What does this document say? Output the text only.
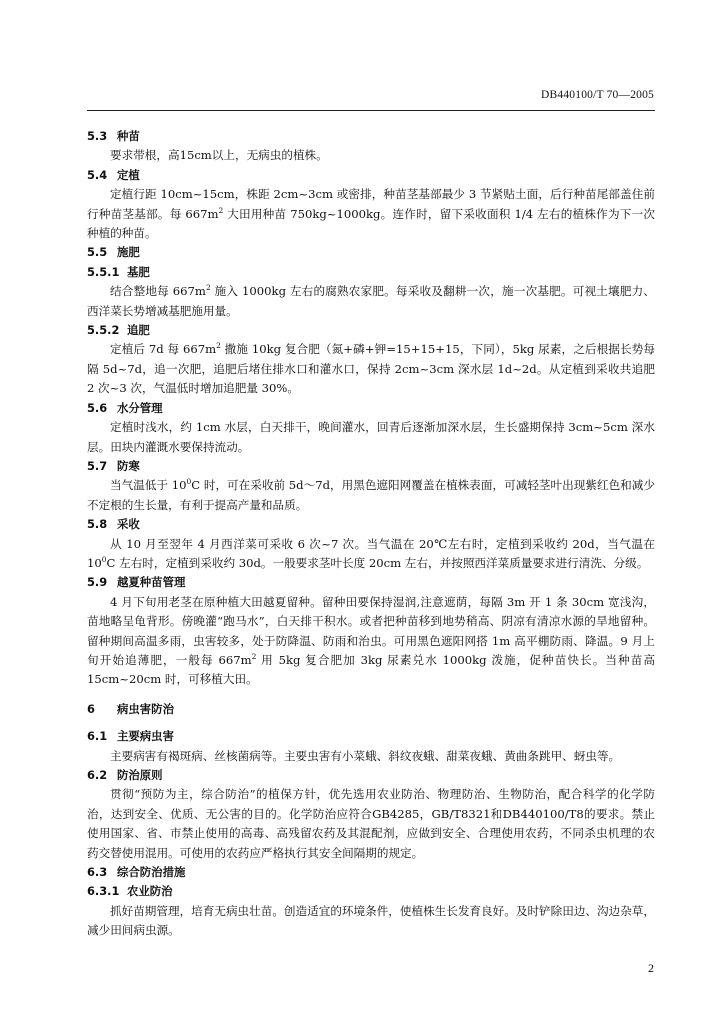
DB440100/T 70—2005
5.3 种苗

要求带根，高15cm以上，无病虫的植株。

5.4 定植

定植行距 10cm~15cm，株距 2cm~3cm 或密排，种苗茎基部最少 3 节紧贴土面，后行种苗尾部盖住前行种苗茎基部。每 $667m^2$ 大田用种苗 750kg~1000kg。连作时，留下采收面积 1/4 左右的植株作为下一次种植的种苗。

5.5 施肥
5.5.1 基肥

结合整地每 $667m^2$ 施入 1000kg 左右的腐熟农家肥。每采收及翻耕一次，施一次基肥。可视土壤肥力、西洋菜长势增减基肥施用量。

5.5.2 追肥

定植后 7d 每 $667m^2$ 撒施 10kg 复合肥（氮+磷+钾=15+15+15，下同），5kg 尿素，之后根据长势每隔 5d~7d，追一次肥，追肥后堵住排水口和灌水口，保持 2cm~3cm 深水层 1d~2d。从定植到采收共追肥 2 次~3 次，气温低时增加追肥量 30%。

5.6 水分管理

定植时浅水，约 1cm 水层，白天排干，晚间灌水，回青后逐渐加深水层，生长盛期保持 3cm~5cm 深水层。田块内灌溉水要保持流动。

5.7 防寒

当气温低于 $10^0C$ 时，可在采收前 5d～7d，用黑色遮阳网覆盖在植株表面，可减轻茎叶出现紫红色和减少不定根的生长量，有利于提高产量和品质。

5.8 采收

从 10 月至翌年 4 月西洋菜可采收 6 次~7 次。当气温在 20℃左右时，定植到采收约 20d，当气温在 $10^0C$ 左右时，定植到采收约 30d。一般要求茎叶长度 20cm 左右，并按照西洋菜质量要求进行清洗、分级。

5.9 越夏种苗管理

4 月下旬用老茎在原种植大田越夏留种。留种田要保持湿润,注意遮荫，每隔 3m 开 1 条 30cm 宽浅沟，苗地略呈龟背形。傍晚灌“跑马水”，白天排干积水。或者把种苗移到地势稍高、阴凉有清凉水源的旱地留种。留种期间高温多雨，虫害较多，处于防降温、防雨和治虫。可用黑色遮阳网搭 1m 高平棚防雨、降温。9 月上旬开始追薄肥，一般每 $667m^2$ 用 5kg 复合肥加 3kg 尿素兑水 1000kg 泼施，促种苗快长。当种苗高 15cm~20cm 时，可移植大田。

6 病虫害防治
6.1 主要病虫害

主要病害有褐斑病、丝核菌病等。主要虫害有小菜蛾、斜纹夜蛾、甜菜夜蛾、黄曲条跳甲、蚜虫等。

6.2 防治原则

贯彻“预防为主，综合防治”的植保方针，优先选用农业防治、物理防治、生物防治，配合科学的化学防治，达到安全、优质、无公害的目的。化学防治应符合GB4285，GB/T8321和DB440100/T8的要求。禁止使用国家、省、市禁止使用的高毒、高残留农药及其混配剂，应做到安全、合理使用农药，不同杀虫机理的农药交替使用混用。可使用的农药应严格执行其安全间隔期的规定。

6.3 综合防治措施
6.3.1 农业防治

抓好苗期管理，培育无病虫壮苗。创造适宜的环境条件，使植株生长发育良好。及时铲除田边、沟边杂草，减少田间病虫源。

2
